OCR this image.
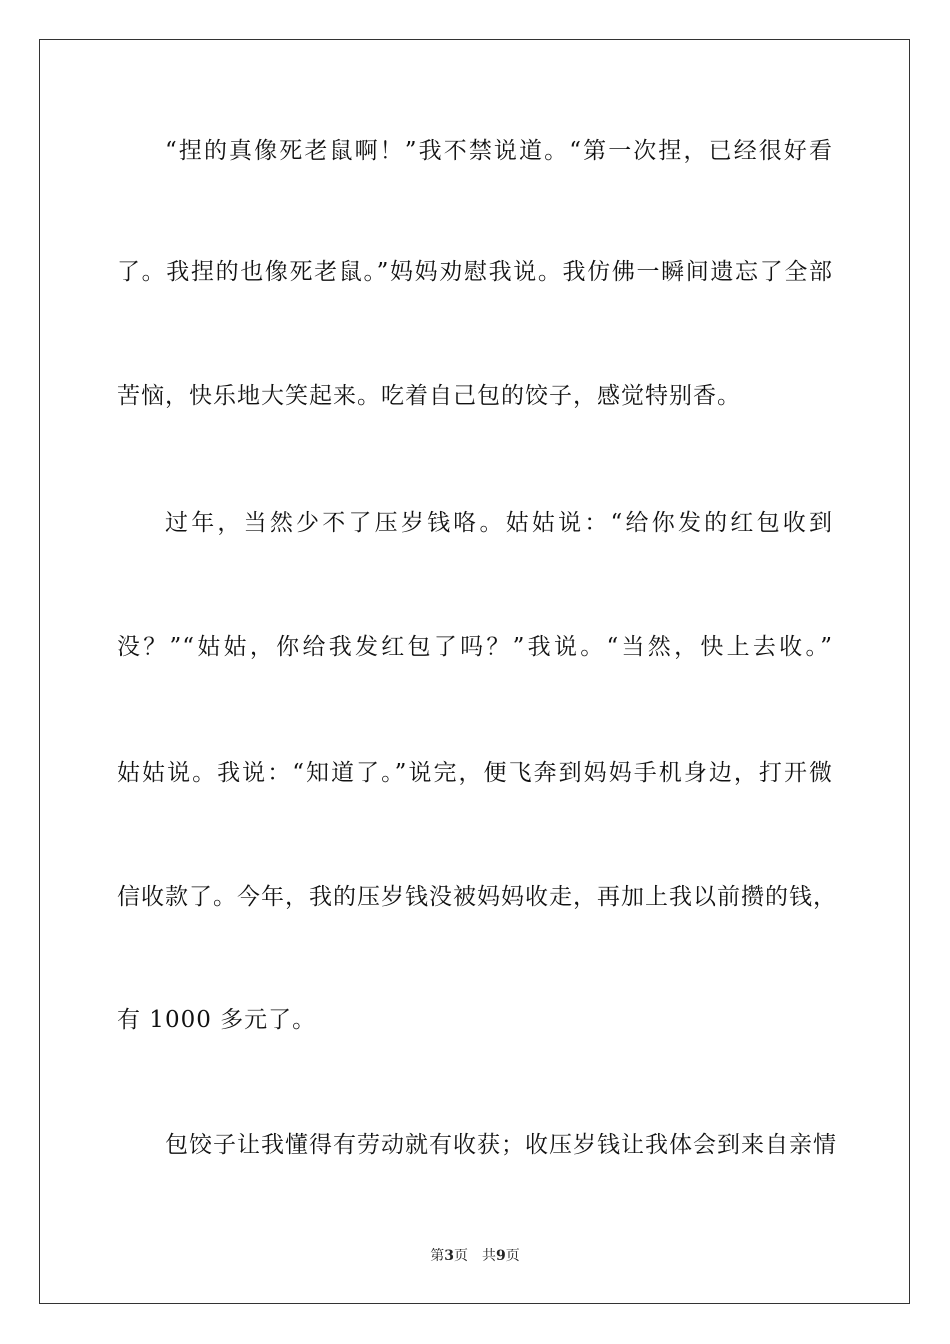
“捏的真像死老鼠啊！”我不禁说道。“第一次捏，已经很好看
了。我捏的也像死老鼠。”妈妈劝慰我说。我仿佛一瞬间遗忘了全部
苦恼，快乐地大笑起来。吃着自己包的饺子，感觉特别香。
过年，当然少不了压岁钱咯。姑姑说：“给你发的红包收到
没？”“姑姑，你给我发红包了吗？”我说。“当然，快上去收。”
姑姑说。我说：“知道了。”说完，便飞奔到妈妈手机身边，打开微
信收款了。今年，我的压岁钱没被妈妈收走，再加上我以前攒的钱，
有 1000 多元了。
包饺子让我懂得有劳动就有收获；收压岁钱让我体会到来自亲情
第3页 共9页
